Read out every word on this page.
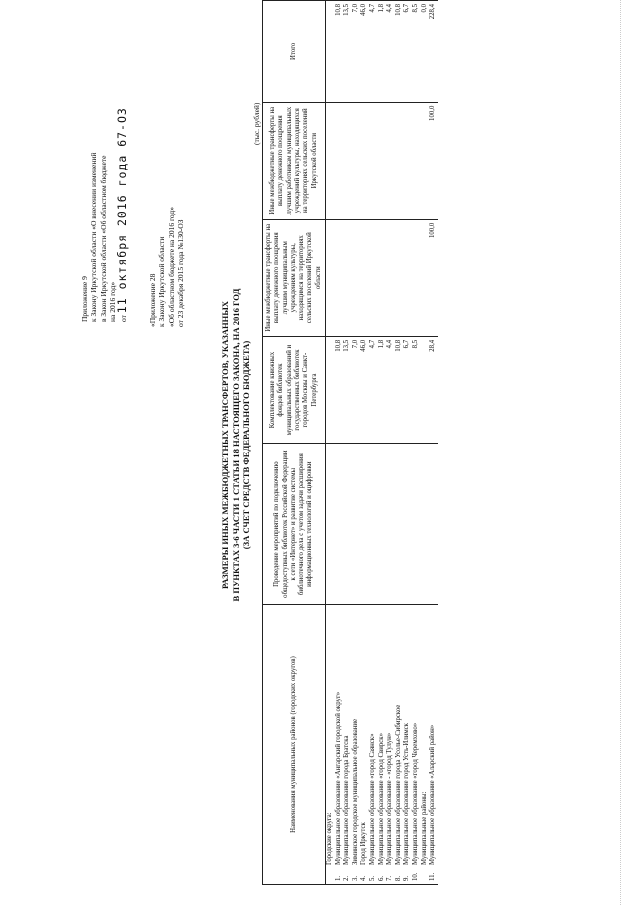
Приложение 9 к Закону Иркутской области «О внесении изменений в Закон Иркутской области «Об областном бюджете на 2016 год» от 11 октября 2016 года 67-ОЗ	«Приложение 28 к Закону Иркутской области «Об областном бюджете на 2016 год» от 23 декабря 2015 года №130-ОЗ
РАЗМЕРЫ ИНЫХ МЕЖБЮДЖЕТНЫХ ТРАНСФЕРТОВ, УКАЗАННЫХ В ПУНКТАХ 3-6 ЧАСТИ 1 СТАТЬИ 18 НАСТОЯЩЕГО ЗАКОНА, НА 2016 ГОД (ЗА СЧЕТ СРЕДСТВ ФЕДЕРАЛЬНОГО БЮДЖЕТА)
(тыс. рублей)
Наименования муниципальных районов (городских округов)	Проведение мероприятий по подключению общедоступных библиотек Российской Федерации к сети «Интернет» и развитие системы библиотечного дела с учетом задачи расширения информационных технологий и оцифровки	Комплектование книжных фондов библиотек муниципальных образований и государственных библиотек городов Москвы и Санкт-Петербурга	Иные межбюджетные трансферты на выплату денежного поощрения лучшим муниципальным учреждениям культуры, находящимся на территориях сельских поселений Иркутской области	Иные межбюджетные трансферты на выплату денежного поощрения лучшим работникам муниципальных учреждений культуры, находящихся на территориях сельских поселений Иркутской области	Итого
Городские округа:					
1.Муниципальное образование «Ангарский городской округ»		10,8			10,8
2.Муниципальное образование города Братска		13,5			13,5
3.Зиминское городское муниципальное образование		7,0			7,0
4.Город Иркутск		46,0			46,0
5.Муниципальное образование «город Саянск»		4,7			4,7
6.Муниципальное образование «город Свирск»		1,8			1,8
7.Муниципальное образование - «город Тулун»		4,4			4,4
8.Муниципальное образование города Усолье-Сибирское		10,8			10,8
9.Муниципальное образование город Усть-Илимск		6,7			6,7
10.Муниципальное образование «город Черемхово»		8,5			8,5
Муниципальные районы:					0,0
11.Муниципальное образование «Аларский район»		28,4	100,0	100,0	228,4
